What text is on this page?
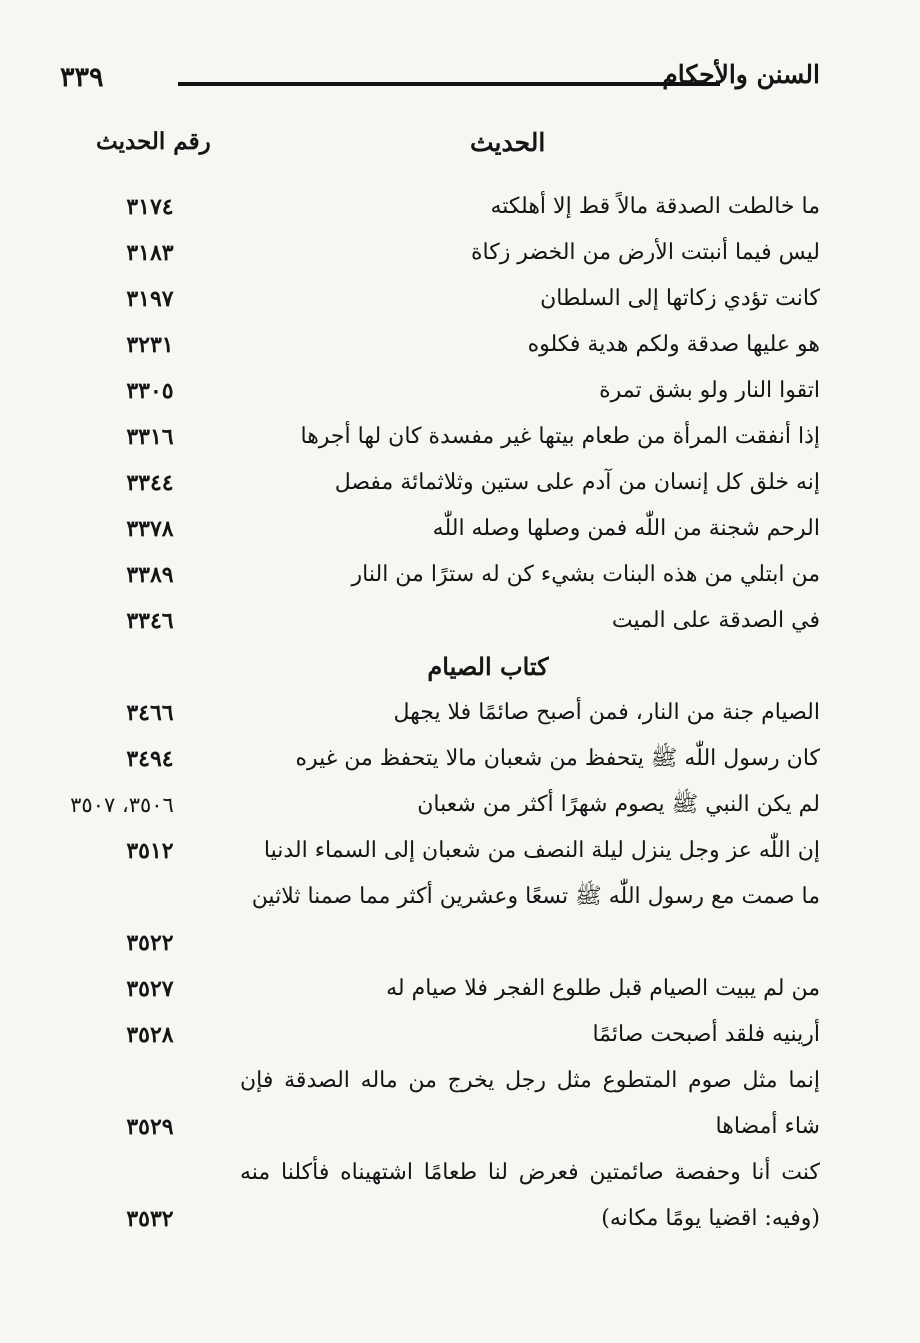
٣٣٩	السنن والأحكام
الحديث
رقم الحديث
ما خالطت الصدقة مالاً قط إلا أهلكته
٣١٧٤
ليس فيما أنبتت الأرض من الخضر زكاة
٣١٨٣
كانت تؤدي زكاتها إلى السلطان
٣١٩٧
هو عليها صدقة ولكم هدية فكلوه
٣٢٣١
اتقوا النار ولو بشق تمرة
٣٣٠٥
إذا أنفقت المرأة من طعام بيتها غير مفسدة كان لها أجرها
٣٣١٦
إنه خلق كل إنسان من آدم على ستين وثلاثمائة مفصل
٣٣٤٤
الرحم شجنة من اللّٰه فمن وصلها وصله اللّٰه
٣٣٧٨
من ابتلي من هذه البنات بشيء كن له سترًا من النار
٣٣٨٩
في الصدقة على الميت
٣٣٤٦
كتاب الصيام
الصيام جنة من النار، فمن أصبح صائمًا فلا يجهل
٣٤٦٦
كان رسول اللّٰه ﷺ يتحفظ من شعبان مالا يتحفظ من غيره
٣٤٩٤
لم يكن النبي ﷺ يصوم شهرًا أكثر من شعبان
٣٥٠٦، ٣٥٠٧
إن اللّٰه عز وجل ينزل ليلة النصف من شعبان إلى السماء الدنيا
٣٥١٢
ما صمت مع رسول اللّٰه ﷺ تسعًا وعشرين أكثر مما صمنا ثلاثين
٣٥٢٢
من لم يبيت الصيام قبل طلوع الفجر فلا صيام له
٣٥٢٧
أرينيه فلقد أصبحت صائمًا
٣٥٢٨
إنما مثل صوم المتطوع مثل رجل يخرج من ماله الصدقة فإن شاء أمضاها
٣٥٢٩
كنت أنا وحفصة صائمتين فعرض لنا طعامًا اشتهيناه فأكلنا منه (وفيه: اقضيا يومًا مكانه)
٣٥٣٢
